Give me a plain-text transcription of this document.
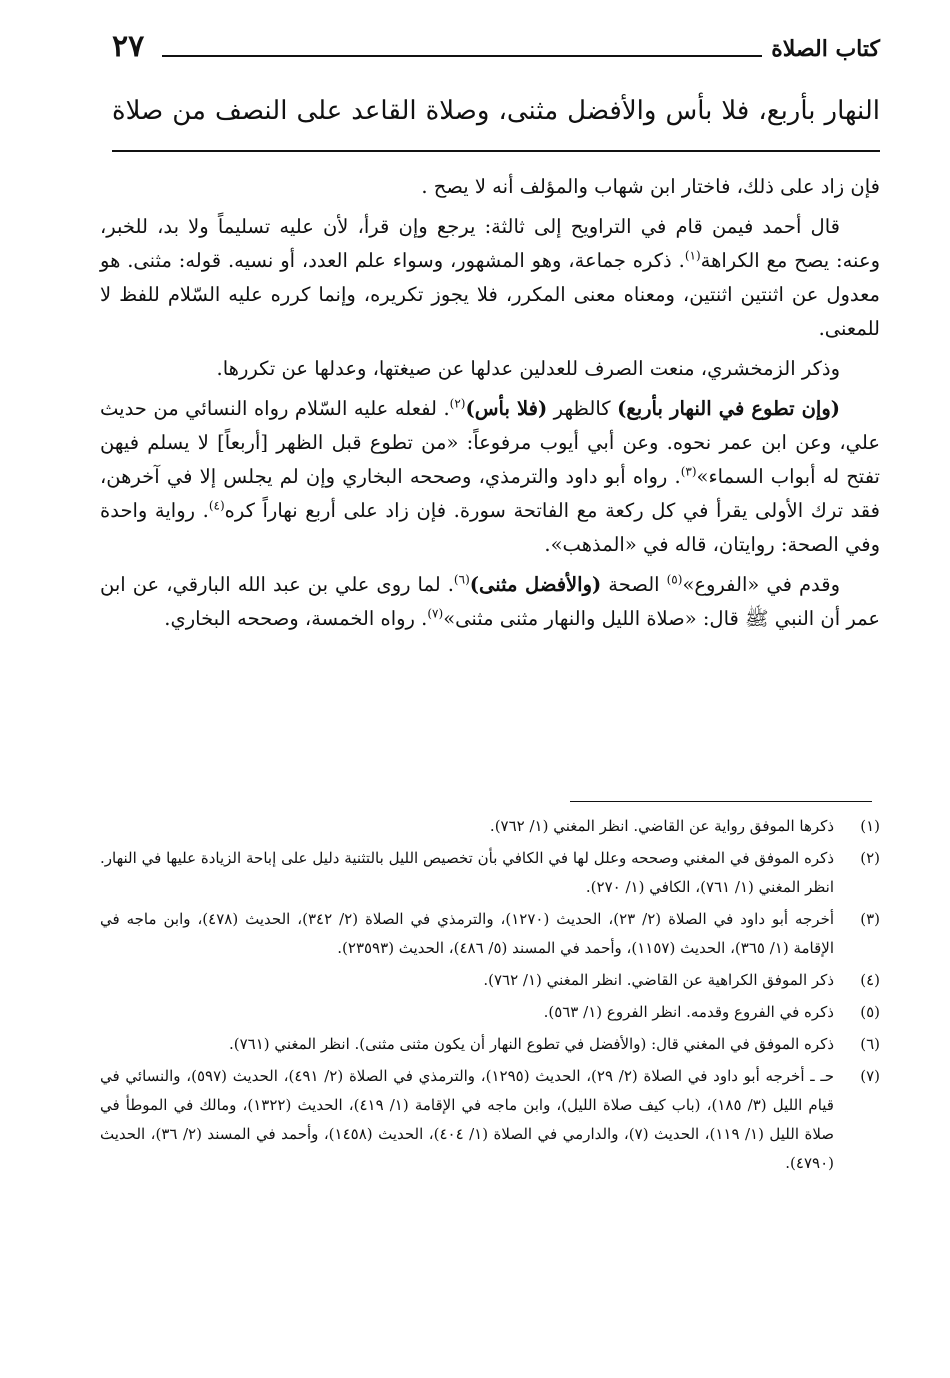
٢٧	كتاب الصلاة
النهار بأربع، فلا بأس والأفضل مثنى، وصلاة القاعد على النصف من صلاة

فإن زاد على ذلك، فاختار ابن شهاب والمؤلف أنه لا يصح .

قال أحمد فيمن قام في التراويح إلى ثالثة: يرجع وإن قرأ، لأن عليه تسليماً ولا بد، للخبر، وعنه: يصح مع الكراهة$^{(١)}$. ذكره جماعة، وهو المشهور، وسواء علم العدد، أو نسيه. قوله: مثنى. هو معدول عن اثنتين اثنتين، ومعناه معنى المكرر، فلا يجوز تكريره، وإنما كرره عليه السّلام للفظ لا للمعنى.

وذكر الزمخشري، منعت الصرف للعدلين عدلها عن صيغتها، وعدلها عن تكررها.

(وإن تطوع في النهار بأربع) كالظهر (فلا بأس)$^{(٢)}$. لفعله عليه السّلام رواه النسائي من حديث علي، وعن ابن عمر نحوه. وعن أبي أيوب مرفوعاً: «من تطوع قبل الظهر [أربعاً] لا يسلم فيهن تفتح له أبواب السماء»$^{(٣)}$. رواه أبو داود والترمذي، وصححه البخاري وإن لم يجلس إلا في آخرهن، فقد ترك الأولى يقرأ في كل ركعة مع الفاتحة سورة. فإن زاد على أربع نهاراً كره$^{(٤)}$. رواية واحدة وفي الصحة: روايتان، قاله في «المذهب».

وقدم في «الفروع»$^{(٥)}$ الصحة (والأفضل مثنى)$^{(٦)}$. لما روى علي بن عبد الله البارقي، عن ابن عمر أن النبي ﷺ قال: «صلاة الليل والنهار مثنى مثنى»$^{(٧)}$. رواه الخمسة، وصححه البخاري.

(١)
ذكرها الموفق رواية عن القاضي. انظر المغني (١/ ٧٦٢).
(٢)
ذكره الموفق في المغني وصححه وعلل لها في الكافي بأن تخصيص الليل بالتثنية دليل على إباحة الزيادة عليها في النهار. انظر المغني (١/ ٧٦١)، الكافي (١/ ٢٧٠).
(٣)
أخرجه أبو داود في الصلاة (٢/ ٢٣)، الحديث (١٢٧٠)، والترمذي في الصلاة (٢/ ٣٤٢)، الحديث (٤٧٨)، وابن ماجه في الإقامة (١/ ٣٦٥)، الحديث (١١٥٧)، وأحمد في المسند (٥/ ٤٨٦)، الحديث (٢٣٥٩٣).
(٤)
ذكر الموفق الكراهية عن القاضي. انظر المغني (١/ ٧٦٢).
(٥)
ذكره في الفروع وقدمه. انظر الفروع (١/ ٥٦٣).
(٦)
ذكره الموفق في المغني قال: (والأفضل في تطوع النهار أن يكون مثنى مثنى). انظر المغني (٧٦١).
(٧)
حـ ـ أخرجه أبو داود في الصلاة (٢/ ٢٩)، الحديث (١٢٩٥)، والترمذي في الصلاة (٢/ ٤٩١)، الحديث (٥٩٧)، والنسائي في قيام الليل (٣/ ١٨٥)، (باب كيف صلاة الليل)، وابن ماجه في الإقامة (١/ ٤١٩)، الحديث (١٣٢٢)، ومالك في الموطأ في صلاة الليل (١/ ١١٩)، الحديث (٧)، والدارمي في الصلاة (١/ ٤٠٤)، الحديث (١٤٥٨)، وأحمد في المسند (٢/ ٣٦)، الحديث (٤٧٩٠).
